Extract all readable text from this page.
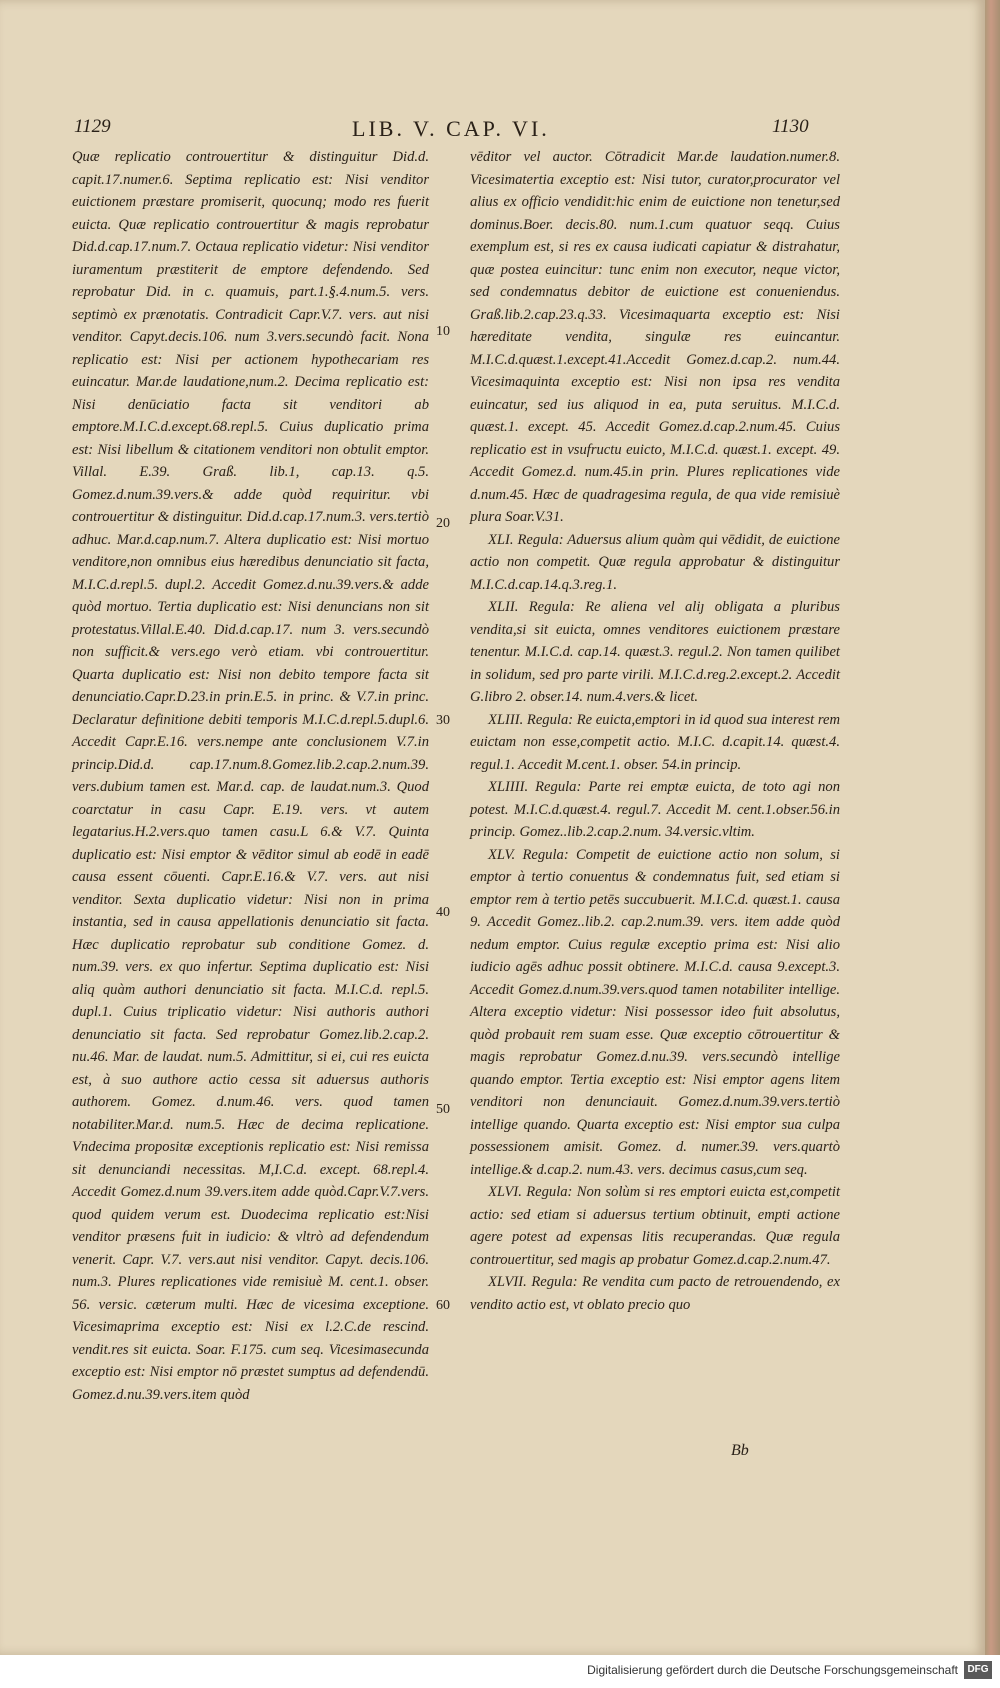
1129	LIB. V. CAP. VI.	1130

Quæ replicatio controuertitur & distinguitur Did.d. capit.17.numer.6. Septima replicatio est: Nisi venditor euictionem præstare promiserit, quocunq; modo res fuerit euicta. Quæ replicatio controuertitur & magis reprobatur Did.d.cap.17.num.7. Octaua replicatio videtur: Nisi venditor iuramentum præstiterit de emptore defendendo. Sed reprobatur Did. in c. quamuis, part.1.§.4.num.5. vers. septimò ex prænotatis. Contradicit Capr.V.7. vers. aut nisi venditor. Capyt.decis.106. num 3.vers.secundò facit. Nona replicatio est: Nisi per actionem hypothecariam res euincatur. Mar.de laudatione,num.2. Decima replicatio est: Nisi denūciatio facta sit venditori ab emptore.M.I.C.d.except.68.repl.5. Cuius duplicatio prima est: Nisi libellum & citationem venditori non obtulit emptor. Villal. E.39. Graß. lib.1, cap.13. q.5. Gomez.d.num.39.vers.& adde quòd requiritur. vbi controuertitur & distinguitur. Did.d.cap.17.num.3. vers.tertiò adhuc. Mar.d.cap.num.7. Altera duplicatio est: Nisi mortuo venditore,non omnibus eius hæredibus denunciatio sit facta, M.I.C.d.repl.5. dupl.2. Accedit Gomez.d.nu.39.vers.& adde quòd mortuo. Tertia duplicatio est: Nisi denuncians non sit protestatus.Villal.E.40. Did.d.cap.17. num 3. vers.secundò non sufficit.& vers.ego verò etiam. vbi controuertitur. Quarta duplicatio est: Nisi non debito tempore facta sit denunciatio.Capr.D.23.in prin.E.5. in princ. & V.7.in princ. Declaratur definitione debiti temporis M.I.C.d.repl.5.dupl.6. Accedit Capr.E.16. vers.nempe ante conclusionem V.7.in princip.Did.d. cap.17.num.8.Gomez.lib.2.cap.2.num.39. vers.dubium tamen est. Mar.d. cap. de laudat.num.3. Quod coarctatur in casu Capr. E.19. vers. vt autem legatarius.H.2.vers.quo tamen casu.L 6.& V.7. Quinta duplicatio est: Nisi emptor & vēditor simul ab eodē in eadē causa essent cōuenti. Capr.E.16.& V.7. vers. aut nisi venditor. Sexta duplicatio videtur: Nisi non in prima instantia, sed in causa appellationis denunciatio sit facta. Hæc duplicatio reprobatur sub conditione Gomez. d. num.39. vers. ex quo infertur. Septima duplicatio est: Nisi aliq quàm authori denunciatio sit facta. M.I.C.d. repl.5. dupl.1. Cuius triplicatio videtur: Nisi authoris authori denunciatio sit facta. Sed reprobatur Gomez.lib.2.cap.2. nu.46. Mar. de laudat. num.5. Admittitur, si ei, cui res euicta est, à suo authore actio cessa sit aduersus authoris authorem. Gomez. d.num.46. vers. quod tamen notabiliter.Mar.d. num.5. Hæc de decima replicatione. Vndecima propositæ exceptionis replicatio est: Nisi remissa sit denunciandi necessitas. M,I.C.d. except. 68.repl.4. Accedit Gomez.d.num 39.vers.item adde quòd.Capr.V.7.vers. quod quidem verum est. Duodecima replicatio est:Nisi venditor præsens fuit in iudicio: & vltrò ad defendendum venerit. Capr. V.7. vers.aut nisi venditor. Capyt. decis.106. num.3. Plures replicationes vide remisiuè M. cent.1. obser. 56. versic. cæterum multi. Hæc de vicesima exceptione. Vicesimaprima exceptio est: Nisi ex l.2.C.de rescind. vendit.res sit euicta. Soar. F.175. cum seq. Vicesimasecunda exceptio est: Nisi emptor nō præstet sumptus ad defendendū. Gomez.d.nu.39.vers.item quòd

10
20
30
40
50
60

vēditor vel auctor. Cōtradicit Mar.de laudation.numer.8. Vicesimatertia exceptio est: Nisi tutor, curator,procurator vel alius ex officio vendidit:hic enim de euictione non tenetur,sed dominus.Boer. decis.80. num.1.cum quatuor seqq. Cuius exemplum est, si res ex causa iudicati capiatur & distrahatur, quæ postea euincitur: tunc enim non executor, neque victor, sed condemnatus debitor de euictione est conueniendus. Graß.lib.2.cap.23.q.33. Vicesimaquarta exceptio est: Nisi hæreditate vendita, singulæ res euincantur. M.I.C.d.quæst.1.except.41.Accedit Gomez.d.cap.2. num.44. Vicesimaquinta exceptio est: Nisi non ipsa res vendita euincatur, sed ius aliquod in ea, puta seruitus. M.I.C.d. quæst.1. except. 45. Accedit Gomez.d.cap.2.num.45. Cuius replicatio est in vsufructu euicto, M.I.C.d. quæst.1. except. 49. Accedit Gomez.d. num.45.in prin. Plures replicationes vide d.num.45. Hæc de quadragesima regula, de qua vide remisiuè plura Soar.V.31.

XLI. Regula: Aduersus alium quàm qui vēdidit, de euictione actio non competit. Quæ regula approbatur & distinguitur M.I.C.d.cap.14.q.3.reg.1.

XLII. Regula: Re aliena vel aliȷ obligata a pluribus vendita,si sit euicta, omnes venditores euictionem præstare tenentur. M.I.C.d. cap.14. quæst.3. regul.2. Non tamen quilibet in solidum, sed pro parte virili. M.I.C.d.reg.2.except.2. Accedit G.libro 2. obser.14. num.4.vers.& licet.

XLIII. Regula: Re euicta,emptori in id quod sua interest rem euictam non esse,competit actio. M.I.C. d.capit.14. quæst.4. regul.1. Accedit M.cent.1. obser. 54.in princip.

XLIIII. Regula: Parte rei emptæ euicta, de toto agi non potest. M.I.C.d.quæst.4. regul.7. Accedit M. cent.1.obser.56.in princip. Gomez..lib.2.cap.2.num. 34.versic.vltim.

XLV. Regula: Competit de euictione actio non solum, si emptor à tertio conuentus & condemnatus fuit, sed etiam si emptor rem à tertio petēs succubuerit. M.I.C.d. quæst.1. causa 9. Accedit Gomez..lib.2. cap.2.num.39. vers. item adde quòd nedum emptor. Cuius regulæ exceptio prima est: Nisi alio iudicio agēs adhuc possit obtinere. M.I.C.d. causa 9.except.3. Accedit Gomez.d.num.39.vers.quod tamen notabiliter intellige. Altera exceptio videtur: Nisi possessor ideo fuit absolutus, quòd probauit rem suam esse. Quæ exceptio cōtrouertitur & magis reprobatur Gomez.d.nu.39. vers.secundò intellige quando emptor. Tertia exceptio est: Nisi emptor agens litem venditori non denunciauit. Gomez.d.num.39.vers.tertiò intellige quando. Quarta exceptio est: Nisi emptor sua culpa possessionem amisit. Gomez. d. numer.39. vers.quartò intellige.& d.cap.2. num.43. vers. decimus casus,cum seq.

XLVI. Regula: Non solùm si res emptori euicta est,competit actio: sed etiam si aduersus tertium obtinuit, empti actione agere potest ad expensas litis recuperandas. Quæ regula controuertitur, sed magis ap probatur Gomez.d.cap.2.num.47.

XLVII. Regula: Re vendita cum pacto de retrouendendo, ex vendito actio est, vt oblato precio quo

Bb
Digitalisierung gefördert durch die Deutsche Forschungsgemeinschaft DFG
